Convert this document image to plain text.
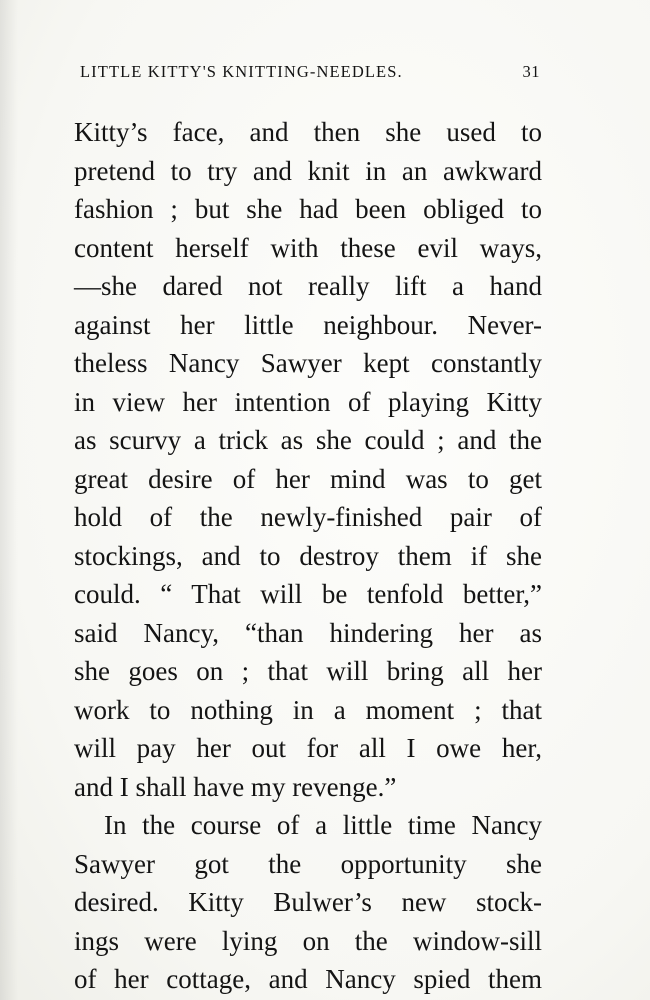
LITTLE KITTY'S KNITTING-NEEDLES.	31
Kitty’s face, and then she used to
pretend to try and knit in an awkward
fashion ; but she had been obliged to
content herself with these evil ways,
—she dared not really lift a hand
against her little neighbour. Never-
theless Nancy Sawyer kept constantly
in view her intention of playing Kitty
as scurvy a trick as she could ; and the
great desire of her mind was to get
hold of the newly-finished pair of
stockings, and to destroy them if she
could. “ That will be tenfold better,”
said Nancy, “than hindering her as
she goes on ; that will bring all her
work to nothing in a moment ; that
will pay her out for all I owe her,
and I shall have my revenge.”
In the course of a little time Nancy
Sawyer got the opportunity she
desired. Kitty Bulwer’s new stock-
ings were lying on the window-sill
of her cottage, and Nancy spied them
